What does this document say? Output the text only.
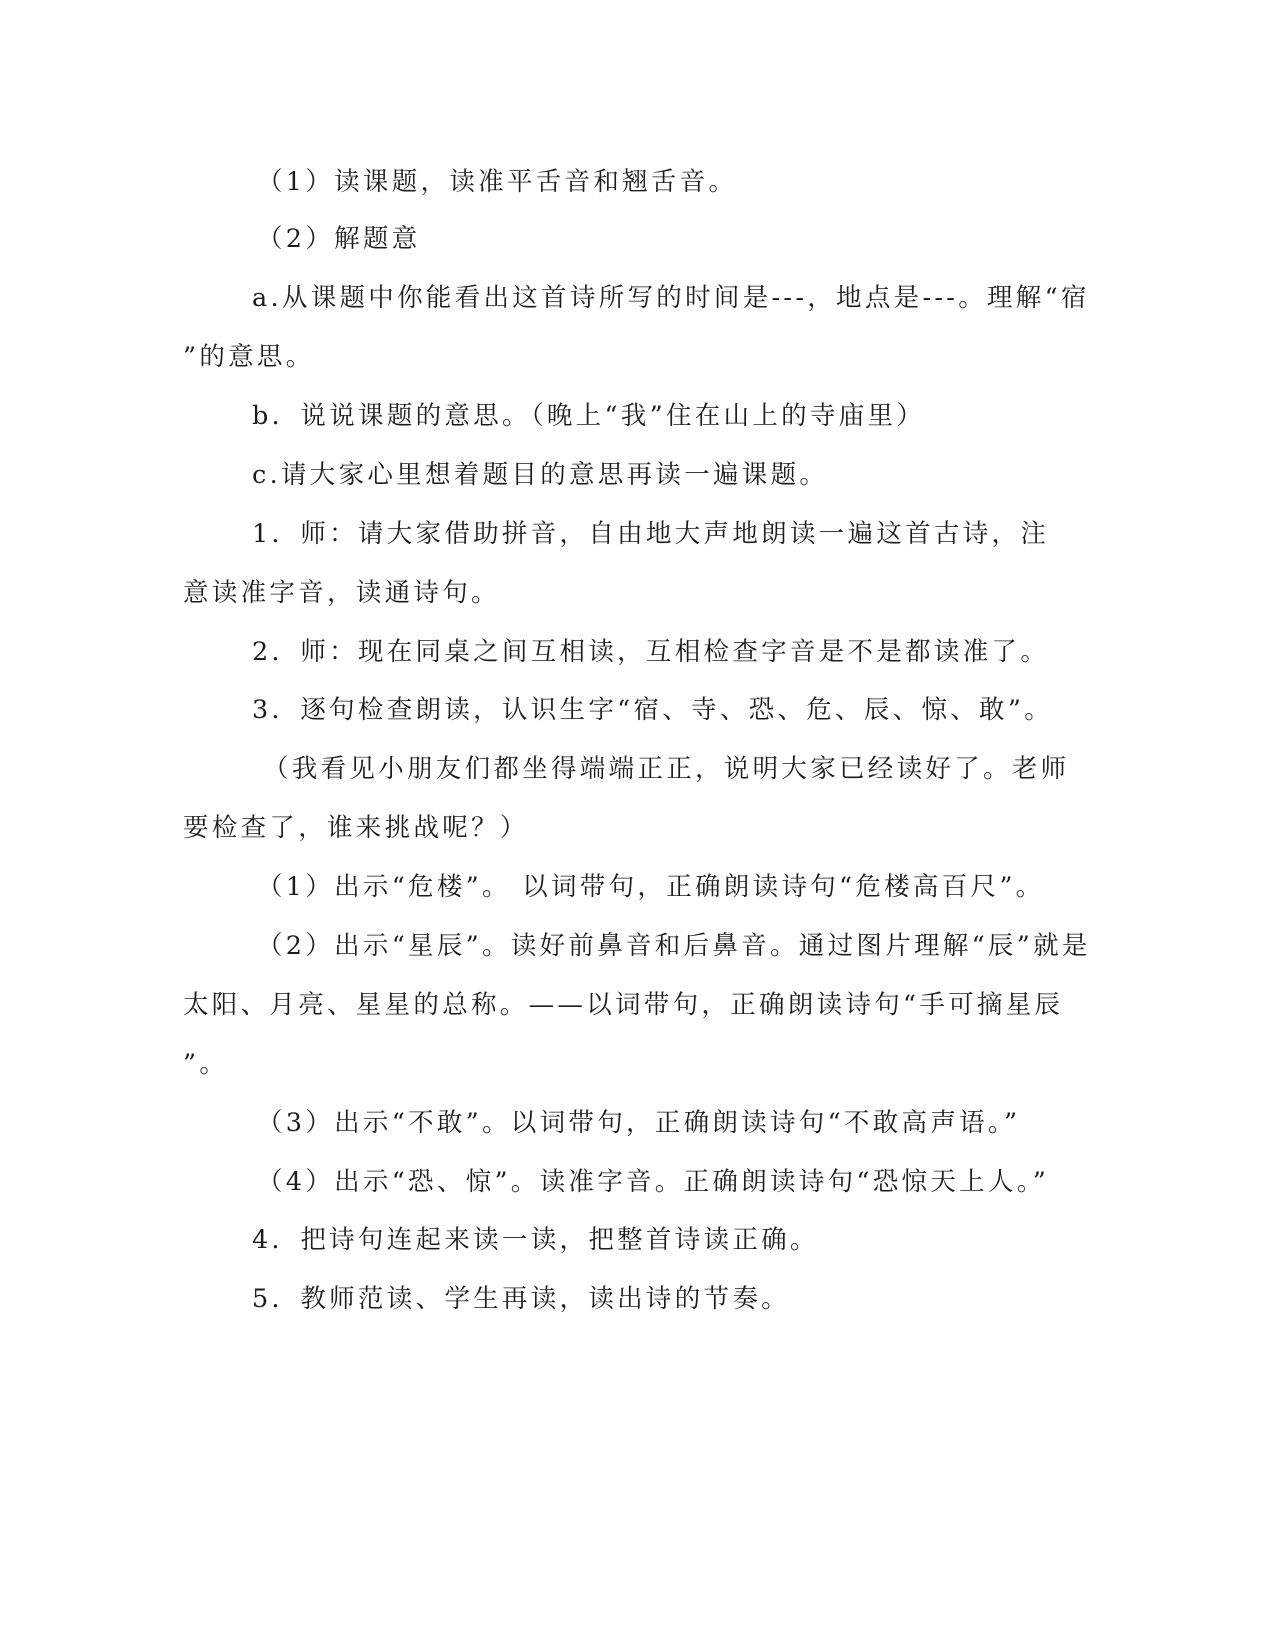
（1）读课题，读准平舌音和翘舌音。
（2）解题意
a.从课题中你能看出这首诗所写的时间是---，地点是---。理解“宿
”的意思。
b．说说课题的意思。（晚上“我”住在山上的寺庙里）
c.请大家心里想着题目的意思再读一遍课题。
1．师：请大家借助拼音，自由地大声地朗读一遍这首古诗，注
意读准字音，读通诗句。
2．师：现在同桌之间互相读，互相检查字音是不是都读准了。
3．逐句检查朗读，认识生字“宿、寺、恐、危、辰、惊、敢”。
（我看见小朋友们都坐得端端正正，说明大家已经读好了。老师
要检查了，谁来挑战呢？）
（1）出示“危楼”。 以词带句，正确朗读诗句“危楼高百尺”。
（2）出示“星辰”。读好前鼻音和后鼻音。通过图片理解“辰”就是
太阳、月亮、星星的总称。——以词带句，正确朗读诗句“手可摘星辰
”。
（3）出示“不敢”。以词带句，正确朗读诗句“不敢高声语。”
（4）出示“恐、惊”。读准字音。正确朗读诗句“恐惊天上人。”
4．把诗句连起来读一读，把整首诗读正确。
5．教师范读、学生再读，读出诗的节奏。
